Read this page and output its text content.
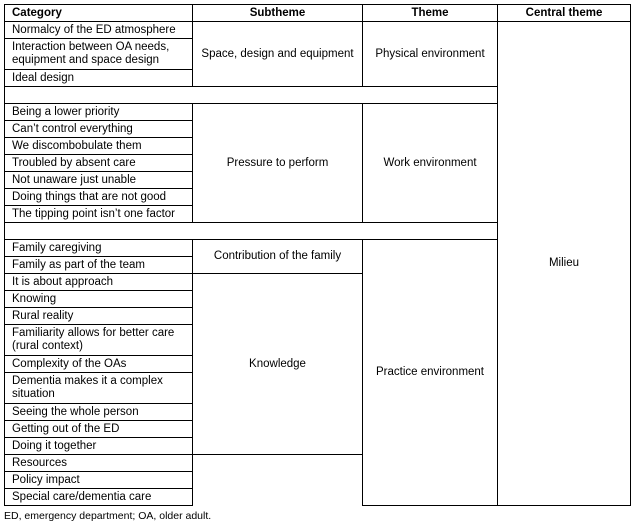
Category	Subtheme	Theme	Central theme	
Normalcy of the ED atmosphere	Space, design and equipment	Physical environment	Milieu	
Interaction between OA needs, equipment and space design				
Ideal design				

Being a lower priority	Pressure to perform	Work environment		
Can’t control everything				
We discombobulate them				
Troubled by absent care				
Not unaware just unable				
Doing things that are not good				
The tipping point isn’t one factor				

Family caregiving	Contribution of the family	Practice environment		
Family as part of the team				
It is about approach	Knowledge			
Knowing				
Rural reality				
Familiarity allows for better care (rural context)				
Complexity of the OAs				
Dementia makes it a complex situation				
Seeing the whole person				
Getting out of the ED	
Doing it together				
Resources				
Policy impact				
Special care/dementia care				
ED, emergency department; OA, older adult.
